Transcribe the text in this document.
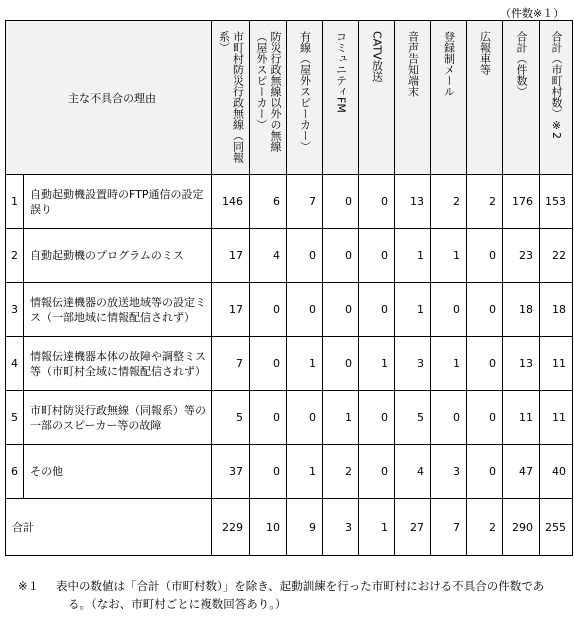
（件数※１）
主な不具合の理由		市町村防災行政無線（同報系）	防災行政無線以外の無線（屋外スピーカー）	有線（屋外スピーカー）	コミュニティFM	CATV放送	音声告知端末	登録制メール	広報車等	合計（件数）	合計（市町村数）※2

1	自動起動機設置時のFTP通信の設定誤り	146	6	7	0	0	13	2	2	176	153
2	自動起動機のプログラムのミス	17	4	0	0	0	1	1	0	23	22
3	情報伝達機器の放送地域等の設定ミス（一部地域に情報配信されず）	17	0	0	0	0	1	0	0	18	18
4	情報伝達機器本体の故障や調整ミス等（市町村全域に情報配信されず）	7	0	1	0	1	3	1	0	13	11
5	市町村防災行政無線（同報系）等の一部のスピーカー等の故障	5	0	0	1	0	5	0	0	11	11
6	その他	37	0	1	2	0	4	3	0	47	40
合計		229	10	9	3	1	27	7	2	290	255
※１ 表中の数値は「合計（市町村数）」を除き、起動訓練を行った市町村における不具合の件数であ
る。（なお、市町村ごとに複数回答あり。）
